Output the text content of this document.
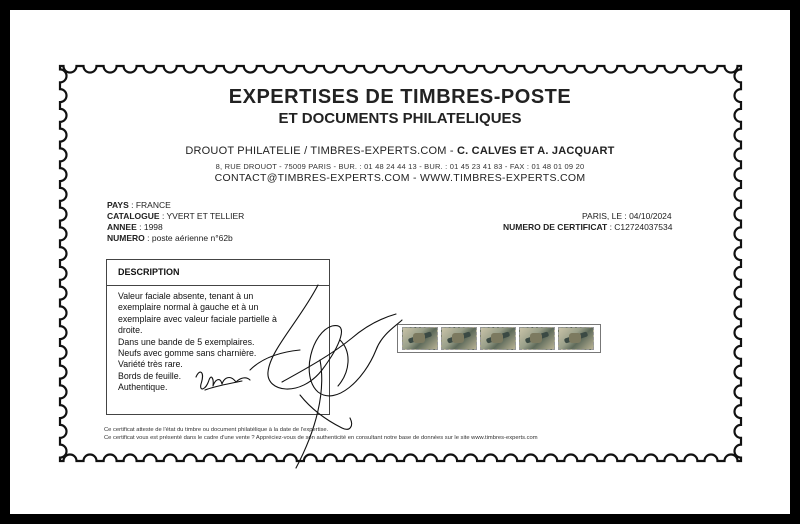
EXPERTISES DE TIMBRES-POSTE
ET DOCUMENTS PHILATELIQUES
DROUOT PHILATELIE / TIMBRES-EXPERTS.COM - C. CALVES ET A. JACQUART
8, RUE DROUOT - 75009 PARIS - BUR. : 01 48 24 44 13 - BUR. : 01 45 23 41 83 - FAX : 01 48 01 09 20
CONTACT@TIMBRES-EXPERTS.COM - WWW.TIMBRES-EXPERTS.COM
PAYS : FRANCE
CATALOGUE : YVERT ET TELLIER
ANNEE : 1998
NUMERO : poste aérienne n°62b
PARIS, LE : 04/10/2024
NUMERO DE CERTIFICAT : C12724037534
DESCRIPTION
Valeur faciale absente, tenant à un
exemplaire normal à gauche et à un
exemplaire avec valeur faciale partielle à
droite.
Dans une bande de 5 exemplaires.
Neufs avec gomme sans charnière.
Variété très rare.
Bords de feuille.
Authentique.
Ce certificat atteste de l'état du timbre ou document philatélique à la date de l'expertise.
Ce certificat vous est présenté dans le cadre d'une vente ? Appréciez-vous de son authenticité en consultant notre base de données sur le site www.timbres-experts.com
